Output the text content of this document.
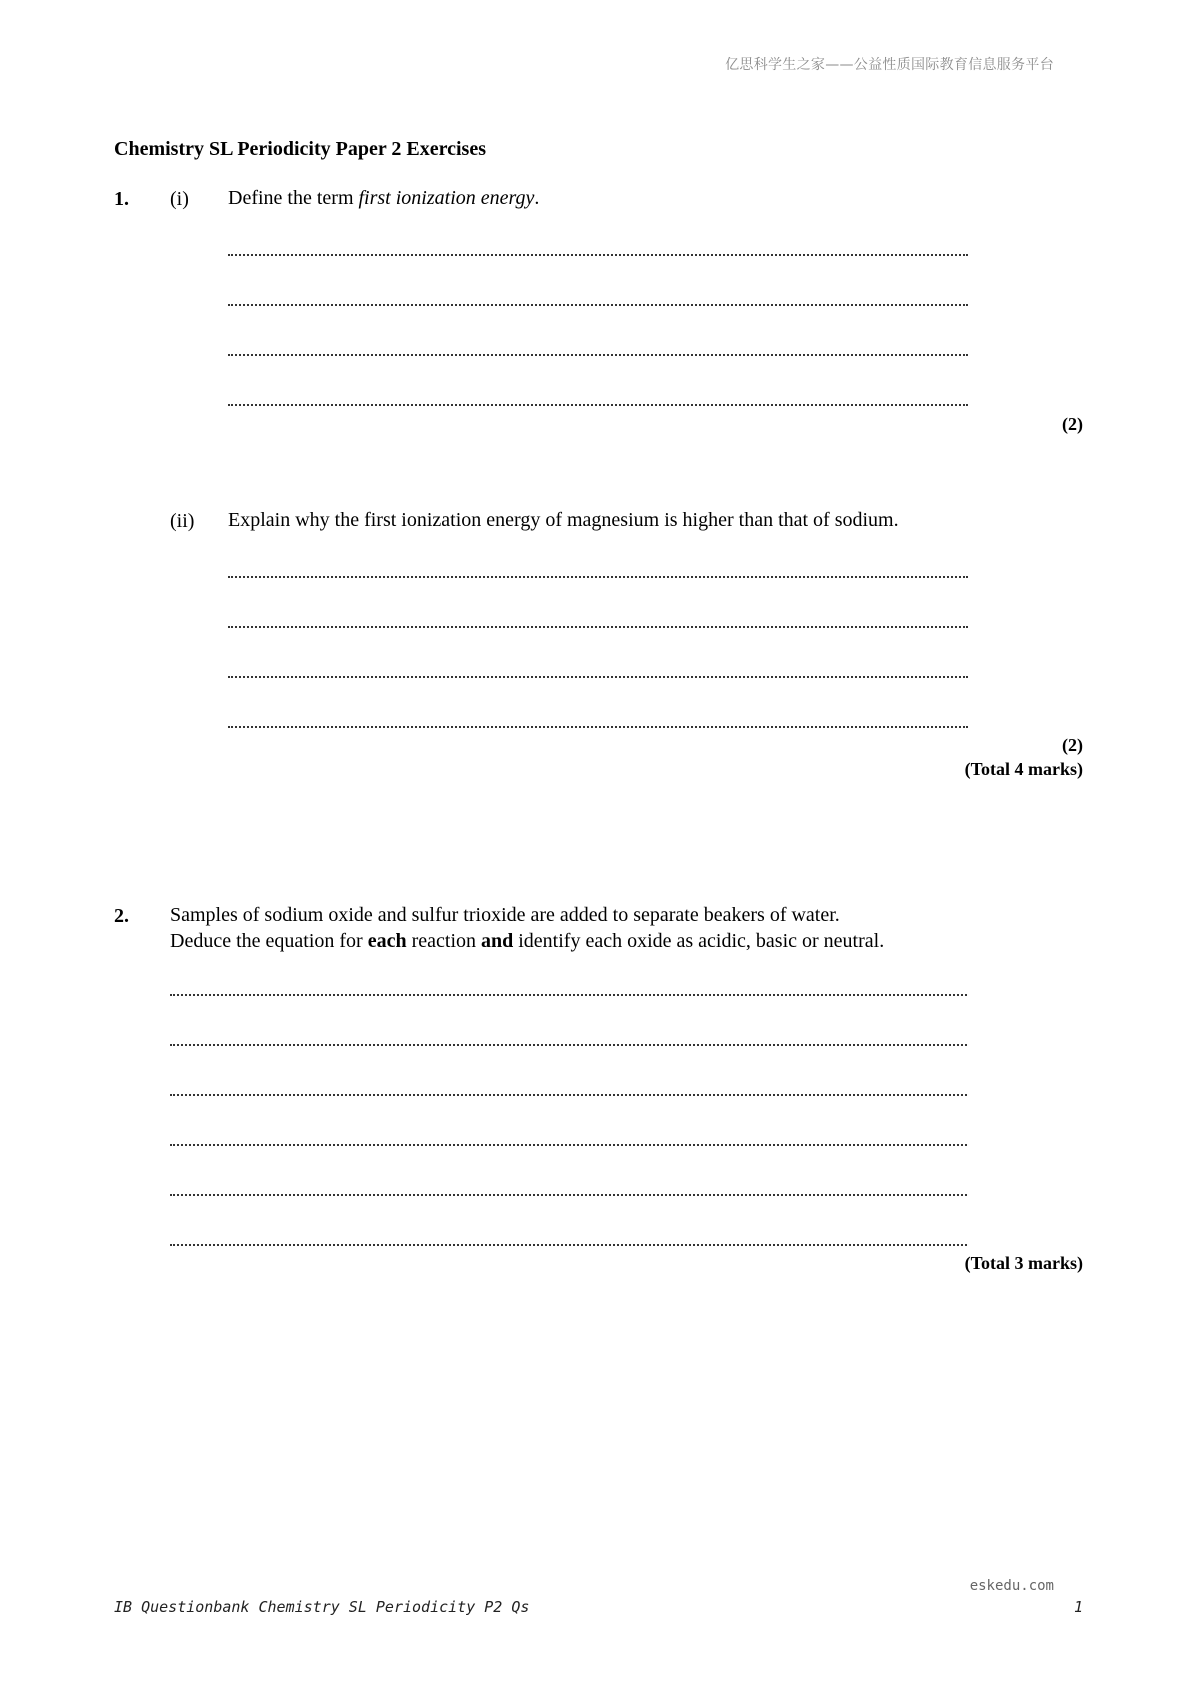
亿思科学生之家——公益性质国际教育信息服务平台
Chemistry SL Periodicity Paper 2 Exercises
1. (i) Define the term first ionization energy.
(2)
(ii) Explain why the first ionization energy of magnesium is higher than that of sodium.
(2)
(Total 4 marks)
2. Samples of sodium oxide and sulfur trioxide are added to separate beakers of water.
Deduce the equation for each reaction and identify each oxide as acidic, basic or neutral.
(Total 3 marks)
eskedu.com
IB Questionbank Chemistry SL Periodicity P2 Qs	1
